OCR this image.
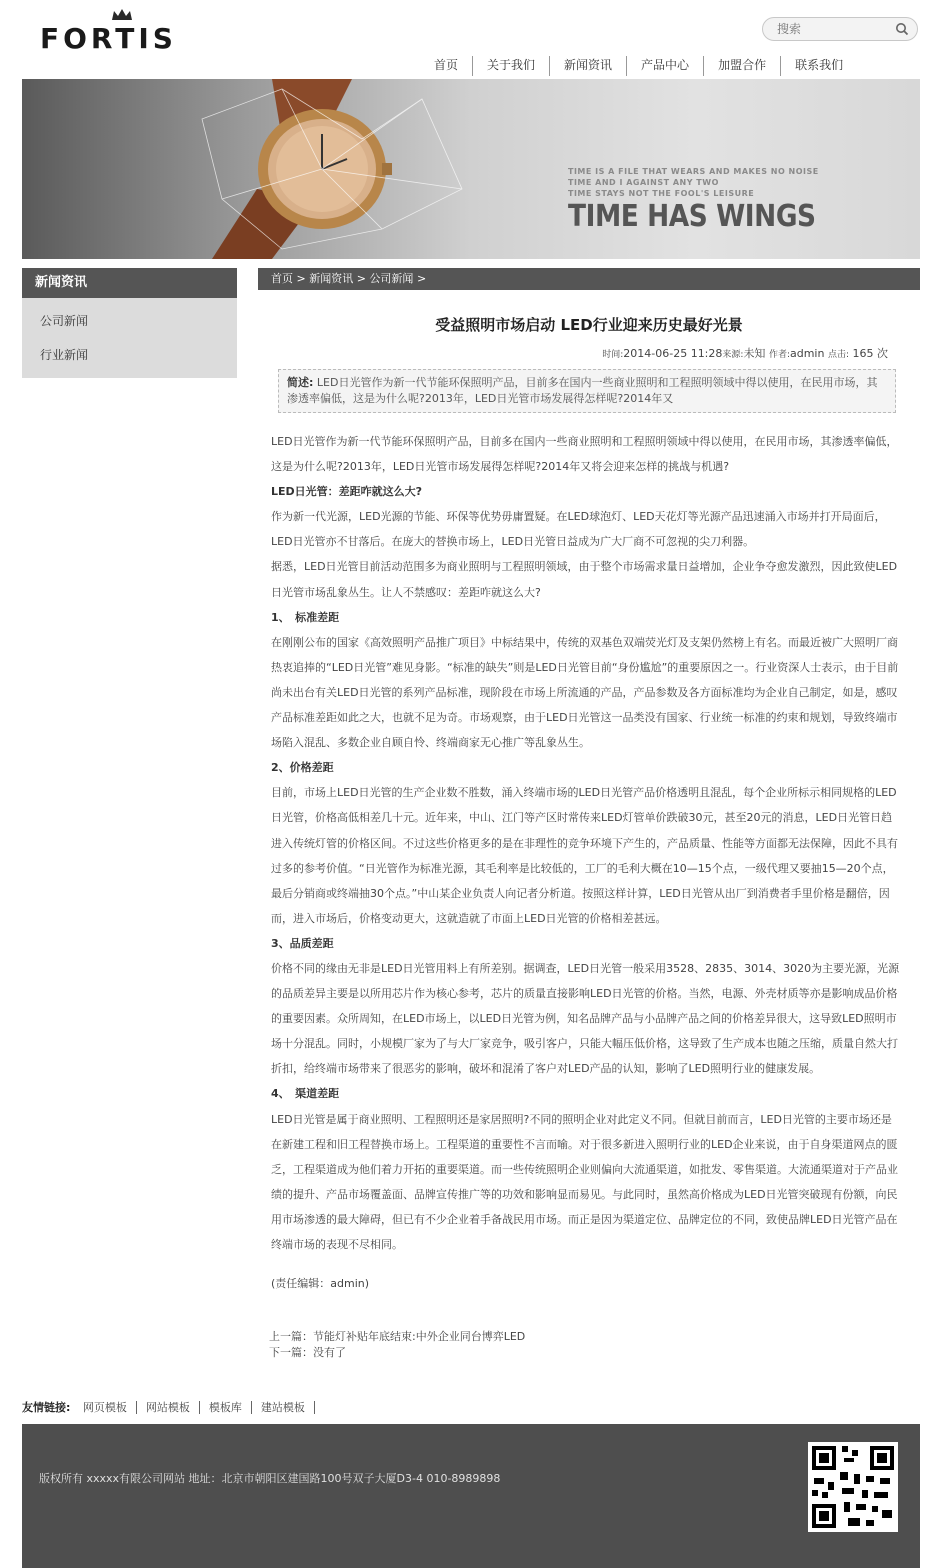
FORTIS
搜索
首页	关于我们	新闻资讯	产品中心	加盟合作	联系我们
TIME IS A FILE THAT WEARS AND MAKES NO NOISE
TIME AND I AGAINST ANY TWO
TIME STAYS NOT THE FOOL'S LEISURE
TIME HAS WINGS
新闻资讯
公司新闻
行业新闻
首页 > 新闻资讯 > 公司新闻 >
受益照明市场启动 LED行业迎来历史最好光景
时间:2014-06-25 11:28来源:未知 作者:admin 点击: 165 次
简述: LED日光管作为新一代节能环保照明产品，目前多在国内一些商业照明和工程照明领域中得以使用，在民用市场，其渗透率偏低，这是为什么呢?2013年，LED日光管市场发展得怎样呢?2014年又

LED日光管作为新一代节能环保照明产品，目前多在国内一些商业照明和工程照明领域中得以使用，在民用市场，其渗透率偏低，这是为什么呢?2013年，LED日光管市场发展得怎样呢?2014年又将会迎来怎样的挑战与机遇?

LED日光管：差距咋就这么大?

作为新一代光源，LED光源的节能、环保等优势毋庸置疑。在LED球泡灯、LED天花灯等光源产品迅速涌入市场并打开局面后，LED日光管亦不甘落后。在庞大的替换市场上，LED日光管日益成为广大厂商不可忽视的尖刀利器。

据悉，LED日光管目前活动范围多为商业照明与工程照明领域，由于整个市场需求量日益增加，企业争夺愈发激烈，因此致使LED日光管市场乱象丛生。让人不禁感叹：差距咋就这么大?

1、　标准差距

在刚刚公布的国家《高效照明产品推广项目》中标结果中，传统的双基色双端荧光灯及支架仍然榜上有名。而最近被广大照明厂商热衷追捧的“LED日光管”难见身影。“标准的缺失”则是LED日光管目前“身份尴尬”的重要原因之一。行业资深人士表示，由于目前尚未出台有关LED日光管的系列产品标准，现阶段在市场上所流通的产品，产品参数及各方面标准均为企业自己制定，如是，感叹产品标准差距如此之大，也就不足为奇。市场观察，由于LED日光管这一品类没有国家、行业统一标准的约束和规划，导致终端市场陷入混乱、多数企业自顾自怜、终端商家无心推广等乱象丛生。

2、价格差距

目前，市场上LED日光管的生产企业数不胜数，涌入终端市场的LED日光管产品价格透明且混乱，每个企业所标示相同规格的LED日光管，价格高低相差几十元。近年来，中山、江门等产区时常传来LED灯管单价跌破30元，甚至20元的消息，LED日光管日趋进入传统灯管的价格区间。不过这些价格更多的是在非理性的竞争环境下产生的，产品质量、性能等方面都无法保障，因此不具有过多的参考价值。“日光管作为标准光源，其毛利率是比较低的，工厂的毛利大概在10—15个点，一级代理又要抽15—20个点，最后分销商或终端抽30个点。”中山某企业负责人向记者分析道。按照这样计算，LED日光管从出厂到消费者手里价格是翻倍，因而，进入市场后，价格变动更大，这就造就了市面上LED日光管的价格相差甚远。

3、品质差距

价格不同的缘由无非是LED日光管用料上有所差别。据调查，LED日光管一般采用3528、2835、3014、3020为主要光源，光源的品质差异主要是以所用芯片作为核心参考，芯片的质量直接影响LED日光管的价格。当然，电源、外壳材质等亦是影响成品价格的重要因素。众所周知，在LED市场上，以LED日光管为例，知名品牌产品与小品牌产品之间的价格差异很大，这导致LED照明市场十分混乱。同时，小规模厂家为了与大厂家竞争，吸引客户，只能大幅压低价格，这导致了生产成本也随之压缩，质量自然大打折扣，给终端市场带来了很恶劣的影响，破坏和混淆了客户对LED产品的认知，影响了LED照明行业的健康发展。

4、　渠道差距

LED日光管是属于商业照明、工程照明还是家居照明?不同的照明企业对此定义不同。但就目前而言，LED日光管的主要市场还是在新建工程和旧工程替换市场上。工程渠道的重要性不言而喻。对于很多新进入照明行业的LED企业来说，由于自身渠道网点的匮乏，工程渠道成为他们着力开拓的重要渠道。而一些传统照明企业则偏向大流通渠道，如批发、零售渠道。大流通渠道对于产品业绩的提升、产品市场覆盖面、品牌宣传推广等的功效和影响显而易见。与此同时，虽然高价格成为LED日光管突破现有份额，向民用市场渗透的最大障碍，但已有不少企业着手备战民用市场。而正是因为渠道定位、品牌定位的不同，致使品牌LED日光管产品在终端市场的表现不尽相同。

(责任编辑：admin)
上一篇：节能灯补贴年底结束:中外企业同台博弈LED
下一篇：没有了
友情链接: 网页模板 网站模板 模板库 建站模板
版权所有 xxxxx有限公司网站 地址：北京市朝阳区建国路100号双子大厦D3-4 010-8989898
